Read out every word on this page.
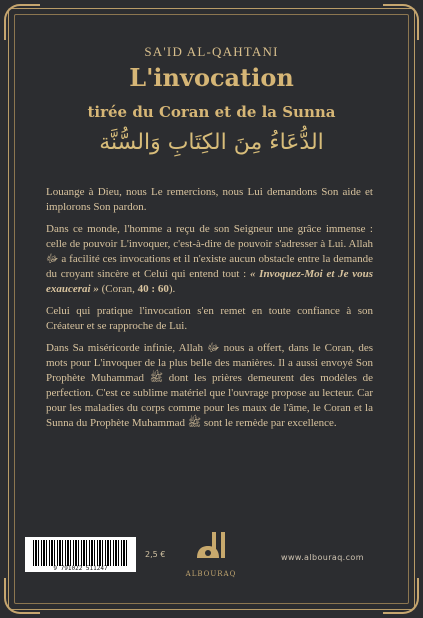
SA'ID AL-QAHTANI
L'invocation
tirée du Coran et de la Sunna
الدُّعَاءُ مِنَ الكِتَابِ وَالسُّنَّة

Louange à Dieu, nous Le remercions, nous Lui demandons Son aide et implorons Son pardon.

Dans ce monde, l'homme a reçu de son Seigneur une grâce immense : celle de pouvoir L'invoquer, c'est-à-dire de pouvoir s'adresser à Lui. Allah ﷻ a facilité ces invocations et il n'existe aucun obstacle entre la demande du croyant sincère et Celui qui entend tout : « Invoquez-Moi et Je vous exaucerai » (Coran, 40 : 60).

Celui qui pratique l'invocation s'en remet en toute confiance à son Créateur et se rapproche de Lui.

Dans Sa miséricorde infinie, Allah ﷻ nous a offert, dans le Coran, des mots pour L'invoquer de la plus belle des manières. Il a aussi envoyé Son Prophète Muhammad ﷺ dont les prières demeurent des modèles de perfection. C'est ce sublime matériel que l'ouvrage propose au lecteur. Car pour les maladies du corps comme pour les maux de l'âme, le Coran et la Sunna du Prophète Muhammad ﷺ sont le remède par excellence.

9 791022 511247
2,5 €
ALBOURAQ
www.albouraq.com
